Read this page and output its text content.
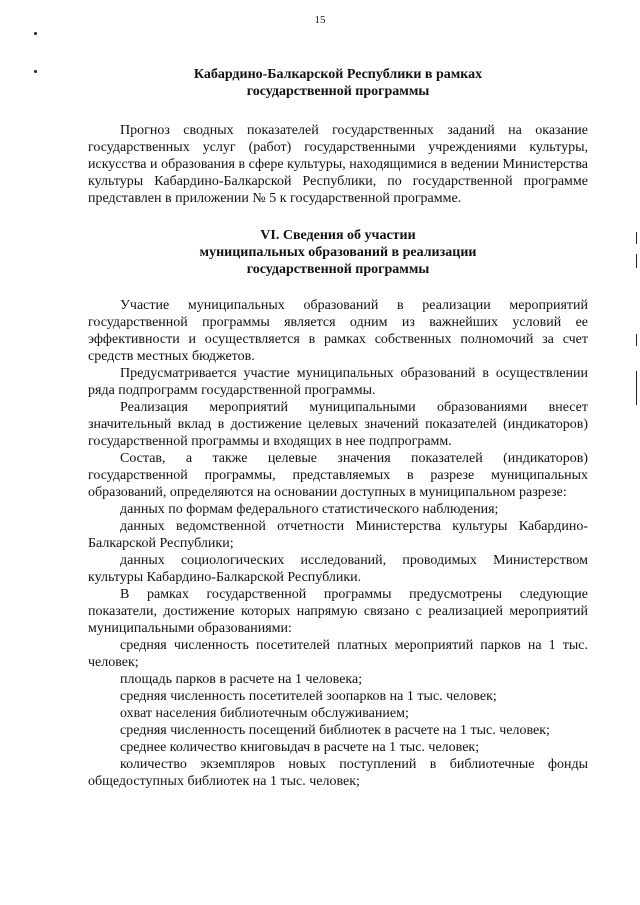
15

Кабардино-Балкарской Республики в рамках
государственной программы

Прогноз сводных показателей государственных заданий на оказание государственных услуг (работ) государственными учреждениями культуры, искусства и образования в сфере культуры, находящимися в ведении Министерства культуры Кабардино-Балкарской Республики, по государственной программе представлен в приложении № 5 к государственной программе.

VI. Сведения об участии
муниципальных образований в реализации
государственной программы

Участие муниципальных образований в реализации мероприятий государственной программы является одним из важнейших условий ее эффективности и осуществляется в рамках собственных полномочий за счет средств местных бюджетов.

Предусматривается участие муниципальных образований в осуществлении ряда подпрограмм государственной программы.

Реализация мероприятий муниципальными образованиями внесет значительный вклад в достижение целевых значений показателей (индикаторов) государственной программы и входящих в нее подпрограмм.

Состав, а также целевые значения показателей (индикаторов) государственной программы, представляемых в разрезе муниципальных образований, определяются на основании доступных в муниципальном разрезе:

данных по формам федерального статистического наблюдения;

данных ведомственной отчетности Министерства культуры Кабардино-Балкарской Республики;

данных социологических исследований, проводимых Министерством культуры Кабардино-Балкарской Республики.

В рамках государственной программы предусмотрены следующие показатели, достижение которых напрямую связано с реализацией мероприятий муниципальными образованиями:

средняя численность посетителей платных мероприятий парков на 1 тыс. человек;

площадь парков в расчете на 1 человека;

средняя численность посетителей зоопарков на 1 тыс. человек;

охват населения библиотечным обслуживанием;

средняя численность посещений библиотек в расчете на 1 тыс. человек;

среднее количество книговыдач в расчете на 1 тыс. человек;

количество экземпляров новых поступлений в библиотечные фонды общедоступных библиотек на 1 тыс. человек;
